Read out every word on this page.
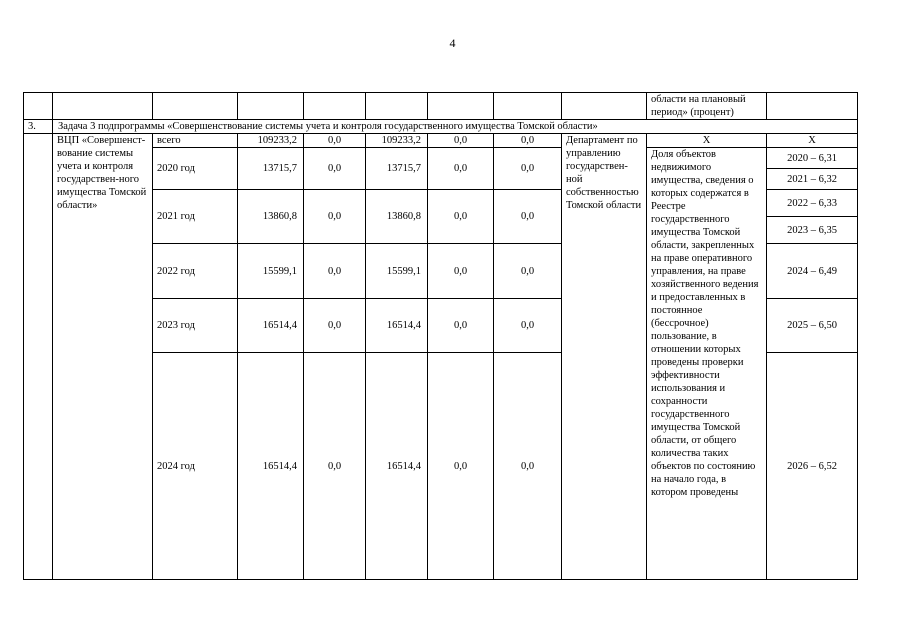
4
									области на плановый период» (процент)	
3.	Задача 3 подпрограммы «Совершенствование системы учета и контроля государственного имущества Томской области»									
	ВЦП «Совершенст-вование системы учета и контроля государствен-ного имущества Томской области»	всего	109233,2	0,0	109233,2	0,0	0,0	Департамент по управлению государствен-ной собственностью Томской области	Х	Х
		2020 год	13715,7	0,0	13715,7	0,0	0,0		Доля объектов недвижимого имущества, сведения о которых содержатся в Реестре государственного имущества Томской области, закрепленных на праве оперативного управления, на праве хозяйственного ведения и предоставленных в постоянное (бессрочное) пользование, в отношении которых проведены проверки эффективности использования и сохранности государственного имущества Томской области, от общего количества таких объектов по состоянию на начало года, в котором проведены	2020 – 6,31
										2021 – 6,32
		2021 год	13860,8	0,0	13860,8	0,0	0,0			2022 – 6,33
										2023 – 6,35
		2022 год	15599,1	0,0	15599,1	0,0	0,0			2024 – 6,49
		2023 год	16514,4	0,0	16514,4	0,0	0,0			2025 – 6,50
		2024 год	16514,4	0,0	16514,4	0,0	0,0			2026 – 6,52
